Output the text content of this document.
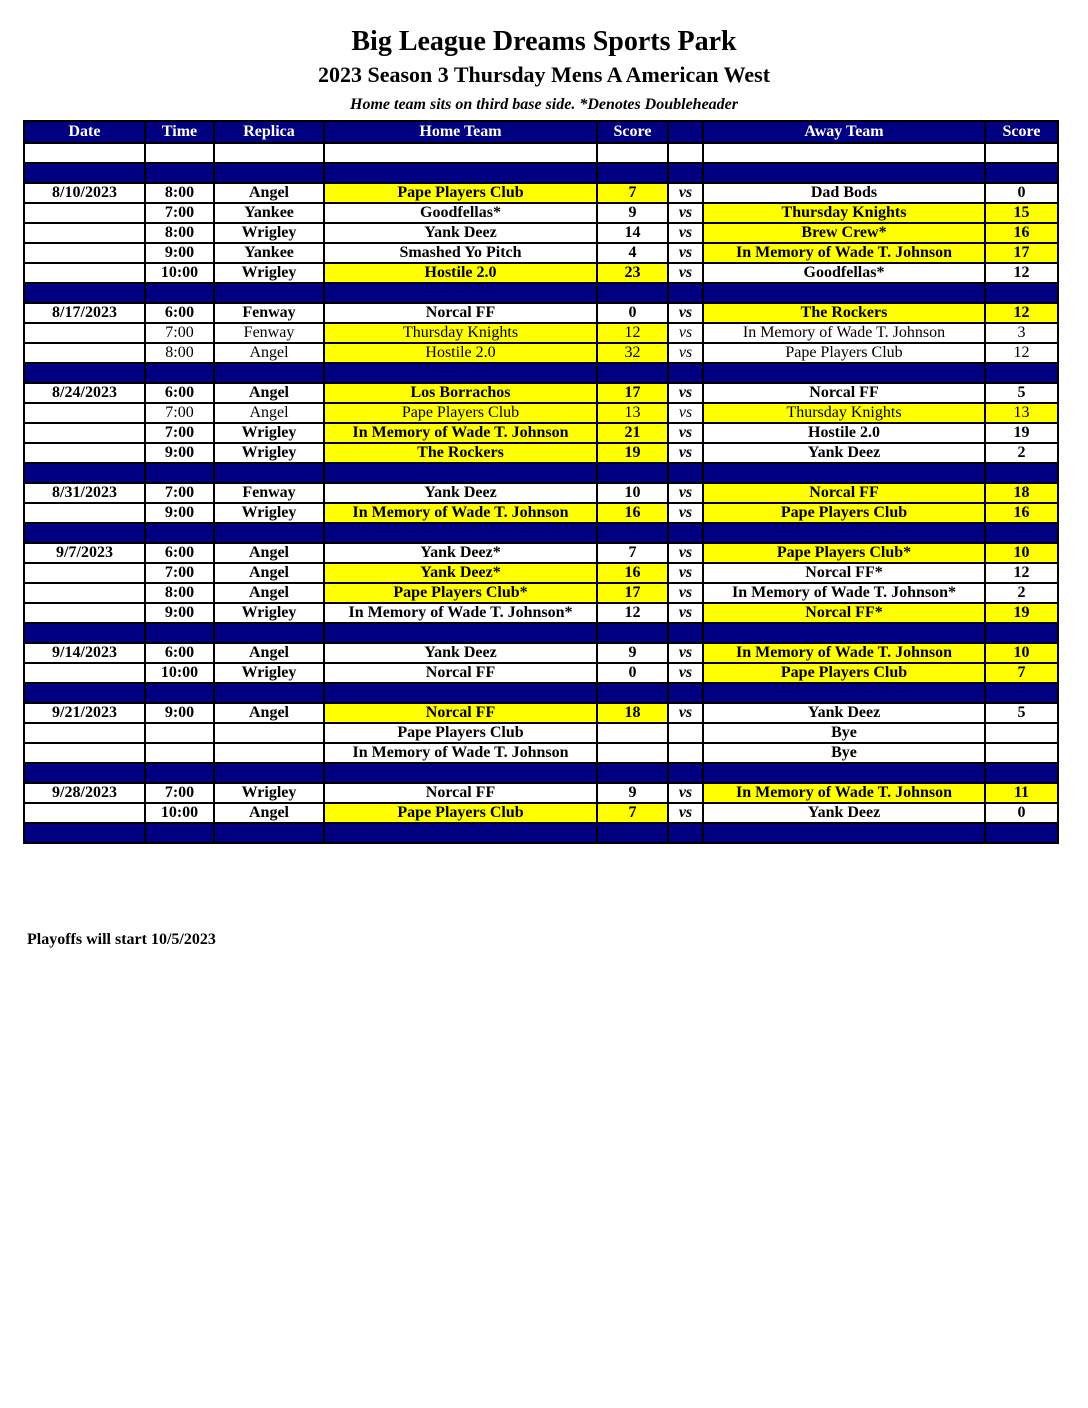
Big League Dreams Sports Park
2023 Season 3 Thursday Mens A American West
Home team sits on third base side. *Denotes Doubleheader
Date	Time	Replica	Home Team	Score		Away Team	Score

8/10/2023	8:00	Angel	Pape Players Club	7	vs	Dad Bods	0
	7:00	Yankee	Goodfellas*	9	vs	Thursday Knights	15
	8:00	Wrigley	Yank Deez	14	vs	Brew Crew*	16
	9:00	Yankee	Smashed Yo Pitch	4	vs	In Memory of Wade T. Johnson	17
	10:00	Wrigley	Hostile 2.0	23	vs	Goodfellas*	12

8/17/2023	6:00	Fenway	Norcal FF	0	vs	The Rockers	12
	7:00	Fenway	Thursday Knights	12	vs	In Memory of Wade T. Johnson	3
	8:00	Angel	Hostile 2.0	32	vs	Pape Players Club	12

8/24/2023	6:00	Angel	Los Borrachos	17	vs	Norcal FF	5
	7:00	Angel	Pape Players Club	13	vs	Thursday Knights	13
	7:00	Wrigley	In Memory of Wade T. Johnson	21	vs	Hostile 2.0	19
	9:00	Wrigley	The Rockers	19	vs	Yank Deez	2

8/31/2023	7:00	Fenway	Yank Deez	10	vs	Norcal FF	18
	9:00	Wrigley	In Memory of Wade T. Johnson	16	vs	Pape Players Club	16

9/7/2023	6:00	Angel	Yank Deez*	7	vs	Pape Players Club*	10
	7:00	Angel	Yank Deez*	16	vs	Norcal FF*	12
	8:00	Angel	Pape Players Club*	17	vs	In Memory of Wade T. Johnson*	2
	9:00	Wrigley	In Memory of Wade T. Johnson*	12	vs	Norcal FF*	19

9/14/2023	6:00	Angel	Yank Deez	9	vs	In Memory of Wade T. Johnson	10
	10:00	Wrigley	Norcal FF	0	vs	Pape Players Club	7

9/21/2023	9:00	Angel	Norcal FF	18	vs	Yank Deez	5
			Pape Players Club			Bye	
			In Memory of Wade T. Johnson			Bye	

9/28/2023	7:00	Wrigley	Norcal FF	9	vs	In Memory of Wade T. Johnson	11
	10:00	Angel	Pape Players Club	7	vs	Yank Deez	0

Playoffs will start 10/5/2023
